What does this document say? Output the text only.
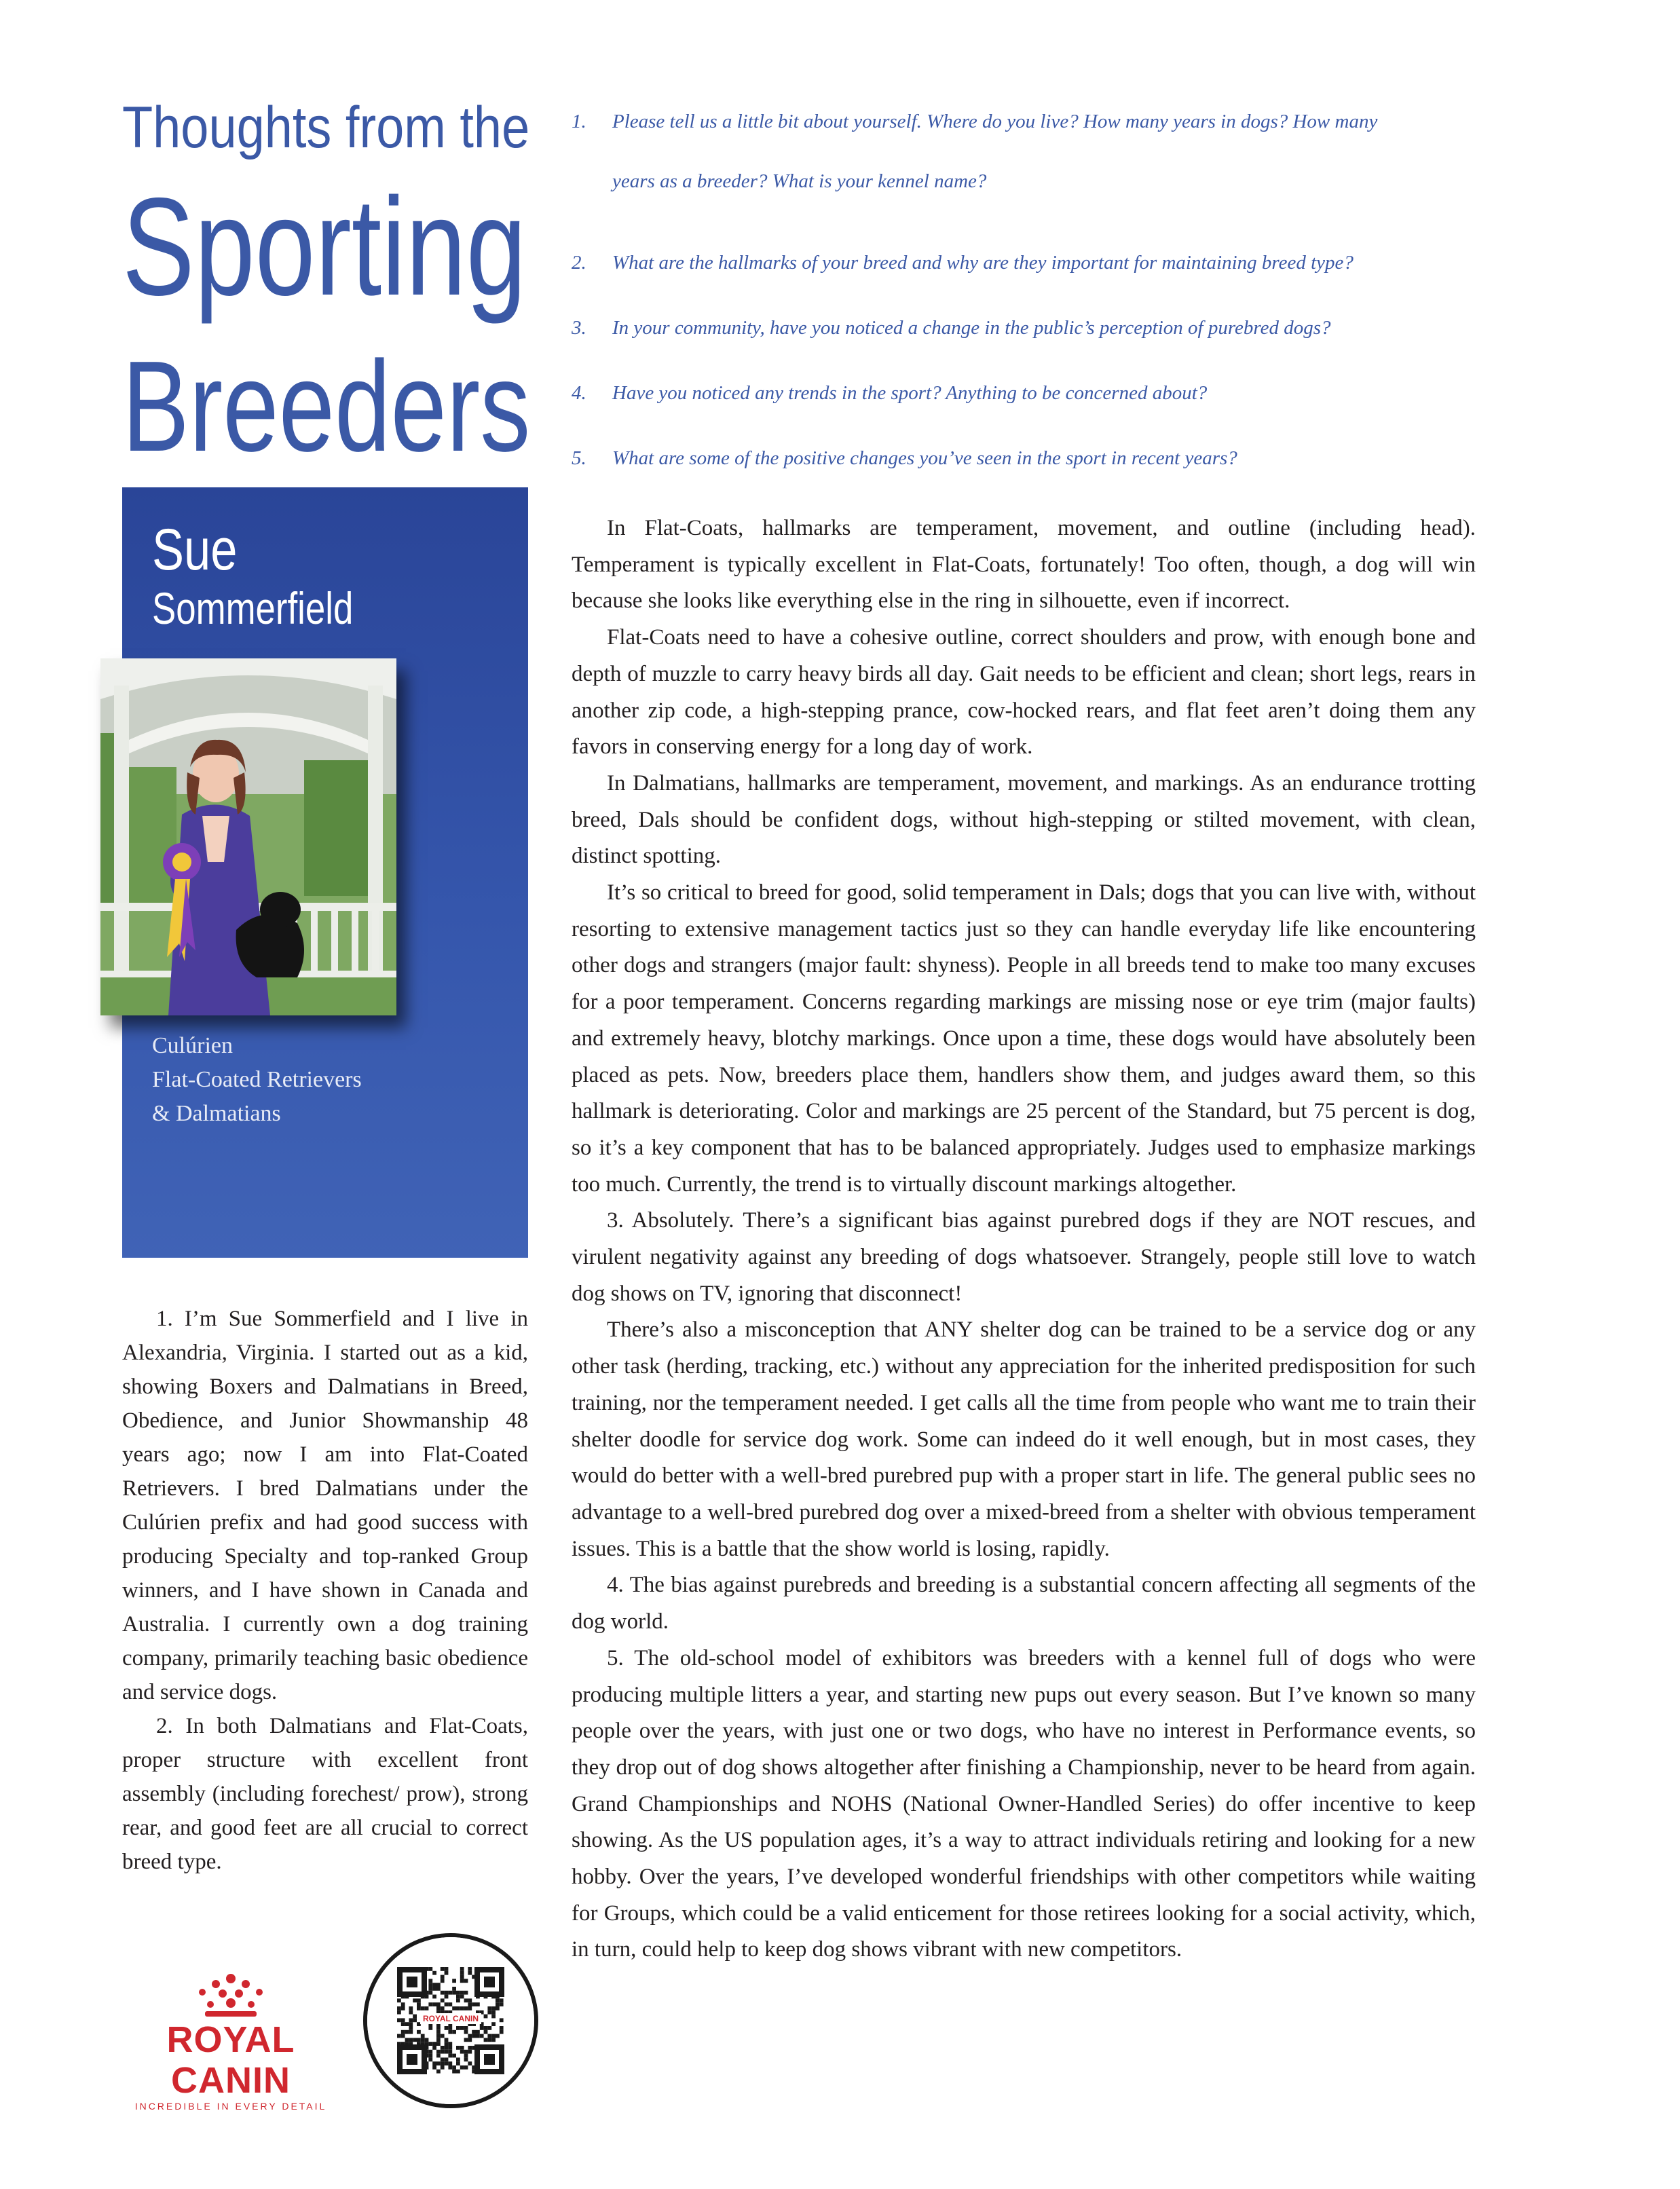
Thoughts from the
Sporting
Breeders
1. Please tell us a little bit about yourself. Where do you live? How many years in dogs? How many
years as a breeder? What is your kennel name?
2. What are the hallmarks of your breed and why are they important for maintaining breed type?
3. In your community, have you noticed a change in the public’s perception of purebred dogs?
4. Have you noticed any trends in the sport? Anything to be concerned about?
5. What are some of the positive changes you’ve seen in the sport in recent years?
Sue
Sommerfield
Culúrien
Flat-Coated Retrievers
& Dalmatians

1. I’m Sue Sommerfield and I live in Alexandria, Virginia. I started out as a kid, showing Boxers and Dalmatians in Breed, Obedience, and Junior Showmanship 48 years ago; now I am into Flat-Coated Retrievers. I bred Dalmatians under the Culúrien prefix and had good success with producing Specialty and top-ranked Group winners, and I have shown in Canada and Australia. I currently own a dog training company, primarily teaching basic obedience and service dogs.

2. In both Dalmatians and Flat-Coats, proper structure with excellent front assembly (including forechest/ prow), strong rear, and good feet are all crucial to correct breed type.

In Flat-Coats, hallmarks are temperament, movement, and outline (including head). Temperament is typically excellent in Flat-Coats, fortunately! Too often, though, a dog will win because she looks like everything else in the ring in silhouette, even if incorrect.

Flat-Coats need to have a cohesive outline, correct shoulders and prow, with enough bone and depth of muzzle to carry heavy birds all day. Gait needs to be efficient and clean; short legs, rears in another zip code, a high-stepping prance, cow-hocked rears, and flat feet aren’t doing them any favors in conserving energy for a long day of work.

In Dalmatians, hallmarks are temperament, movement, and markings. As an endurance trotting breed, Dals should be confident dogs, without high-stepping or stilted movement, with clean, distinct spotting.

It’s so critical to breed for good, solid temperament in Dals; dogs that you can live with, without resorting to extensive management tactics just so they can handle everyday life like encountering other dogs and strangers (major fault: shyness). People in all breeds tend to make too many excuses for a poor temperament. Concerns regarding markings are missing nose or eye trim (major faults) and extremely heavy, blotchy markings. Once upon a time, these dogs would have absolutely been placed as pets. Now, breeders place them, handlers show them, and judges award them, so this hallmark is deteriorating. Color and markings are 25 percent of the Standard, but 75 percent is dog, so it’s a key component that has to be balanced appropriately. Judges used to emphasize markings too much. Currently, the trend is to virtually discount markings altogether.

3. Absolutely. There’s a significant bias against purebred dogs if they are NOT rescues, and virulent negativity against any breeding of dogs whatsoever. Strangely, people still love to watch dog shows on TV, ignoring that disconnect!

There’s also a misconception that ANY shelter dog can be trained to be a service dog or any other task (herding, tracking, etc.) without any appreciation for the inherited predisposition for such training, nor the temperament needed. I get calls all the time from people who want me to train their shelter doodle for service dog work. Some can indeed do it well enough, but in most cases, they would do better with a well-bred purebred pup with a proper start in life. The general public sees no advantage to a well-bred purebred dog over a mixed-breed from a shelter with obvious temperament issues. This is a battle that the show world is losing, rapidly.

4. The bias against purebreds and breeding is a substantial concern affecting all segments of the dog world.

5. The old-school model of exhibitors was breeders with a kennel full of dogs who were producing multiple litters a year, and starting new pups out every season. But I’ve known so many people over the years, with just one or two dogs, who have no interest in Performance events, so they drop out of dog shows altogether after finishing a Championship, never to be heard from again. Grand Championships and NOHS (National Owner-Handled Series) do offer incentive to keep showing. As the US population ages, it’s a way to attract individuals retiring and looking for a new hobby. Over the years, I’ve developed wonderful friendships with other competitors while waiting for Groups, which could be a valid enticement for those retirees looking for a social activity, which, in turn, could help to keep dog shows vibrant with new competitors.

ROYAL CANIN
INCREDIBLE IN EVERY DETAIL
ROYAL CANIN
